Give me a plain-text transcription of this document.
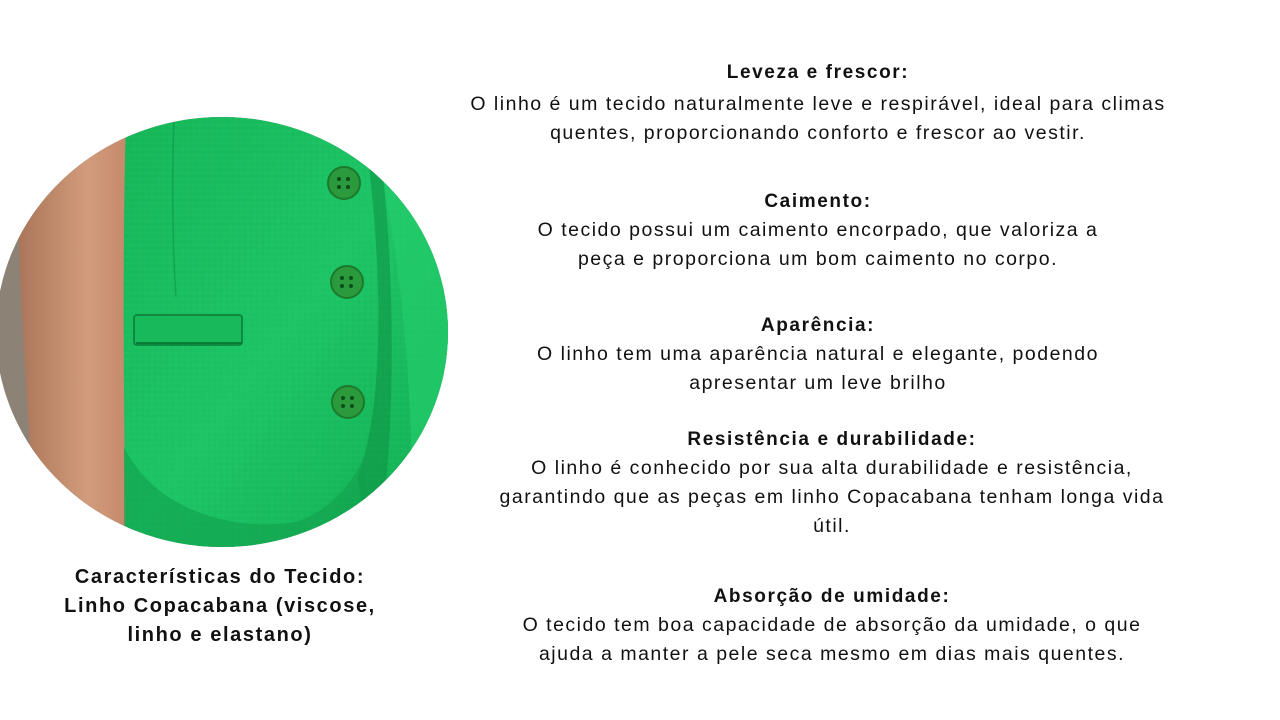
Características do Tecido:
Linho Copacabana (viscose,
linho e elastano)
Leveza e frescor:

O linho é um tecido naturalmente leve e respirável, ideal para climas

quentes, proporcionando conforto e frescor ao vestir.

Caimento:

O tecido possui um caimento encorpado, que valoriza a

peça e proporciona um bom caimento no corpo.

Aparência:

O linho tem uma aparência natural e elegante, podendo

apresentar um leve brilho

Resistência e durabilidade:

O linho é conhecido por sua alta durabilidade e resistência,

garantindo que as peças em linho Copacabana tenham longa vida

útil.

Absorção de umidade:

O tecido tem boa capacidade de absorção da umidade, o que

ajuda a manter a pele seca mesmo em dias mais quentes.
